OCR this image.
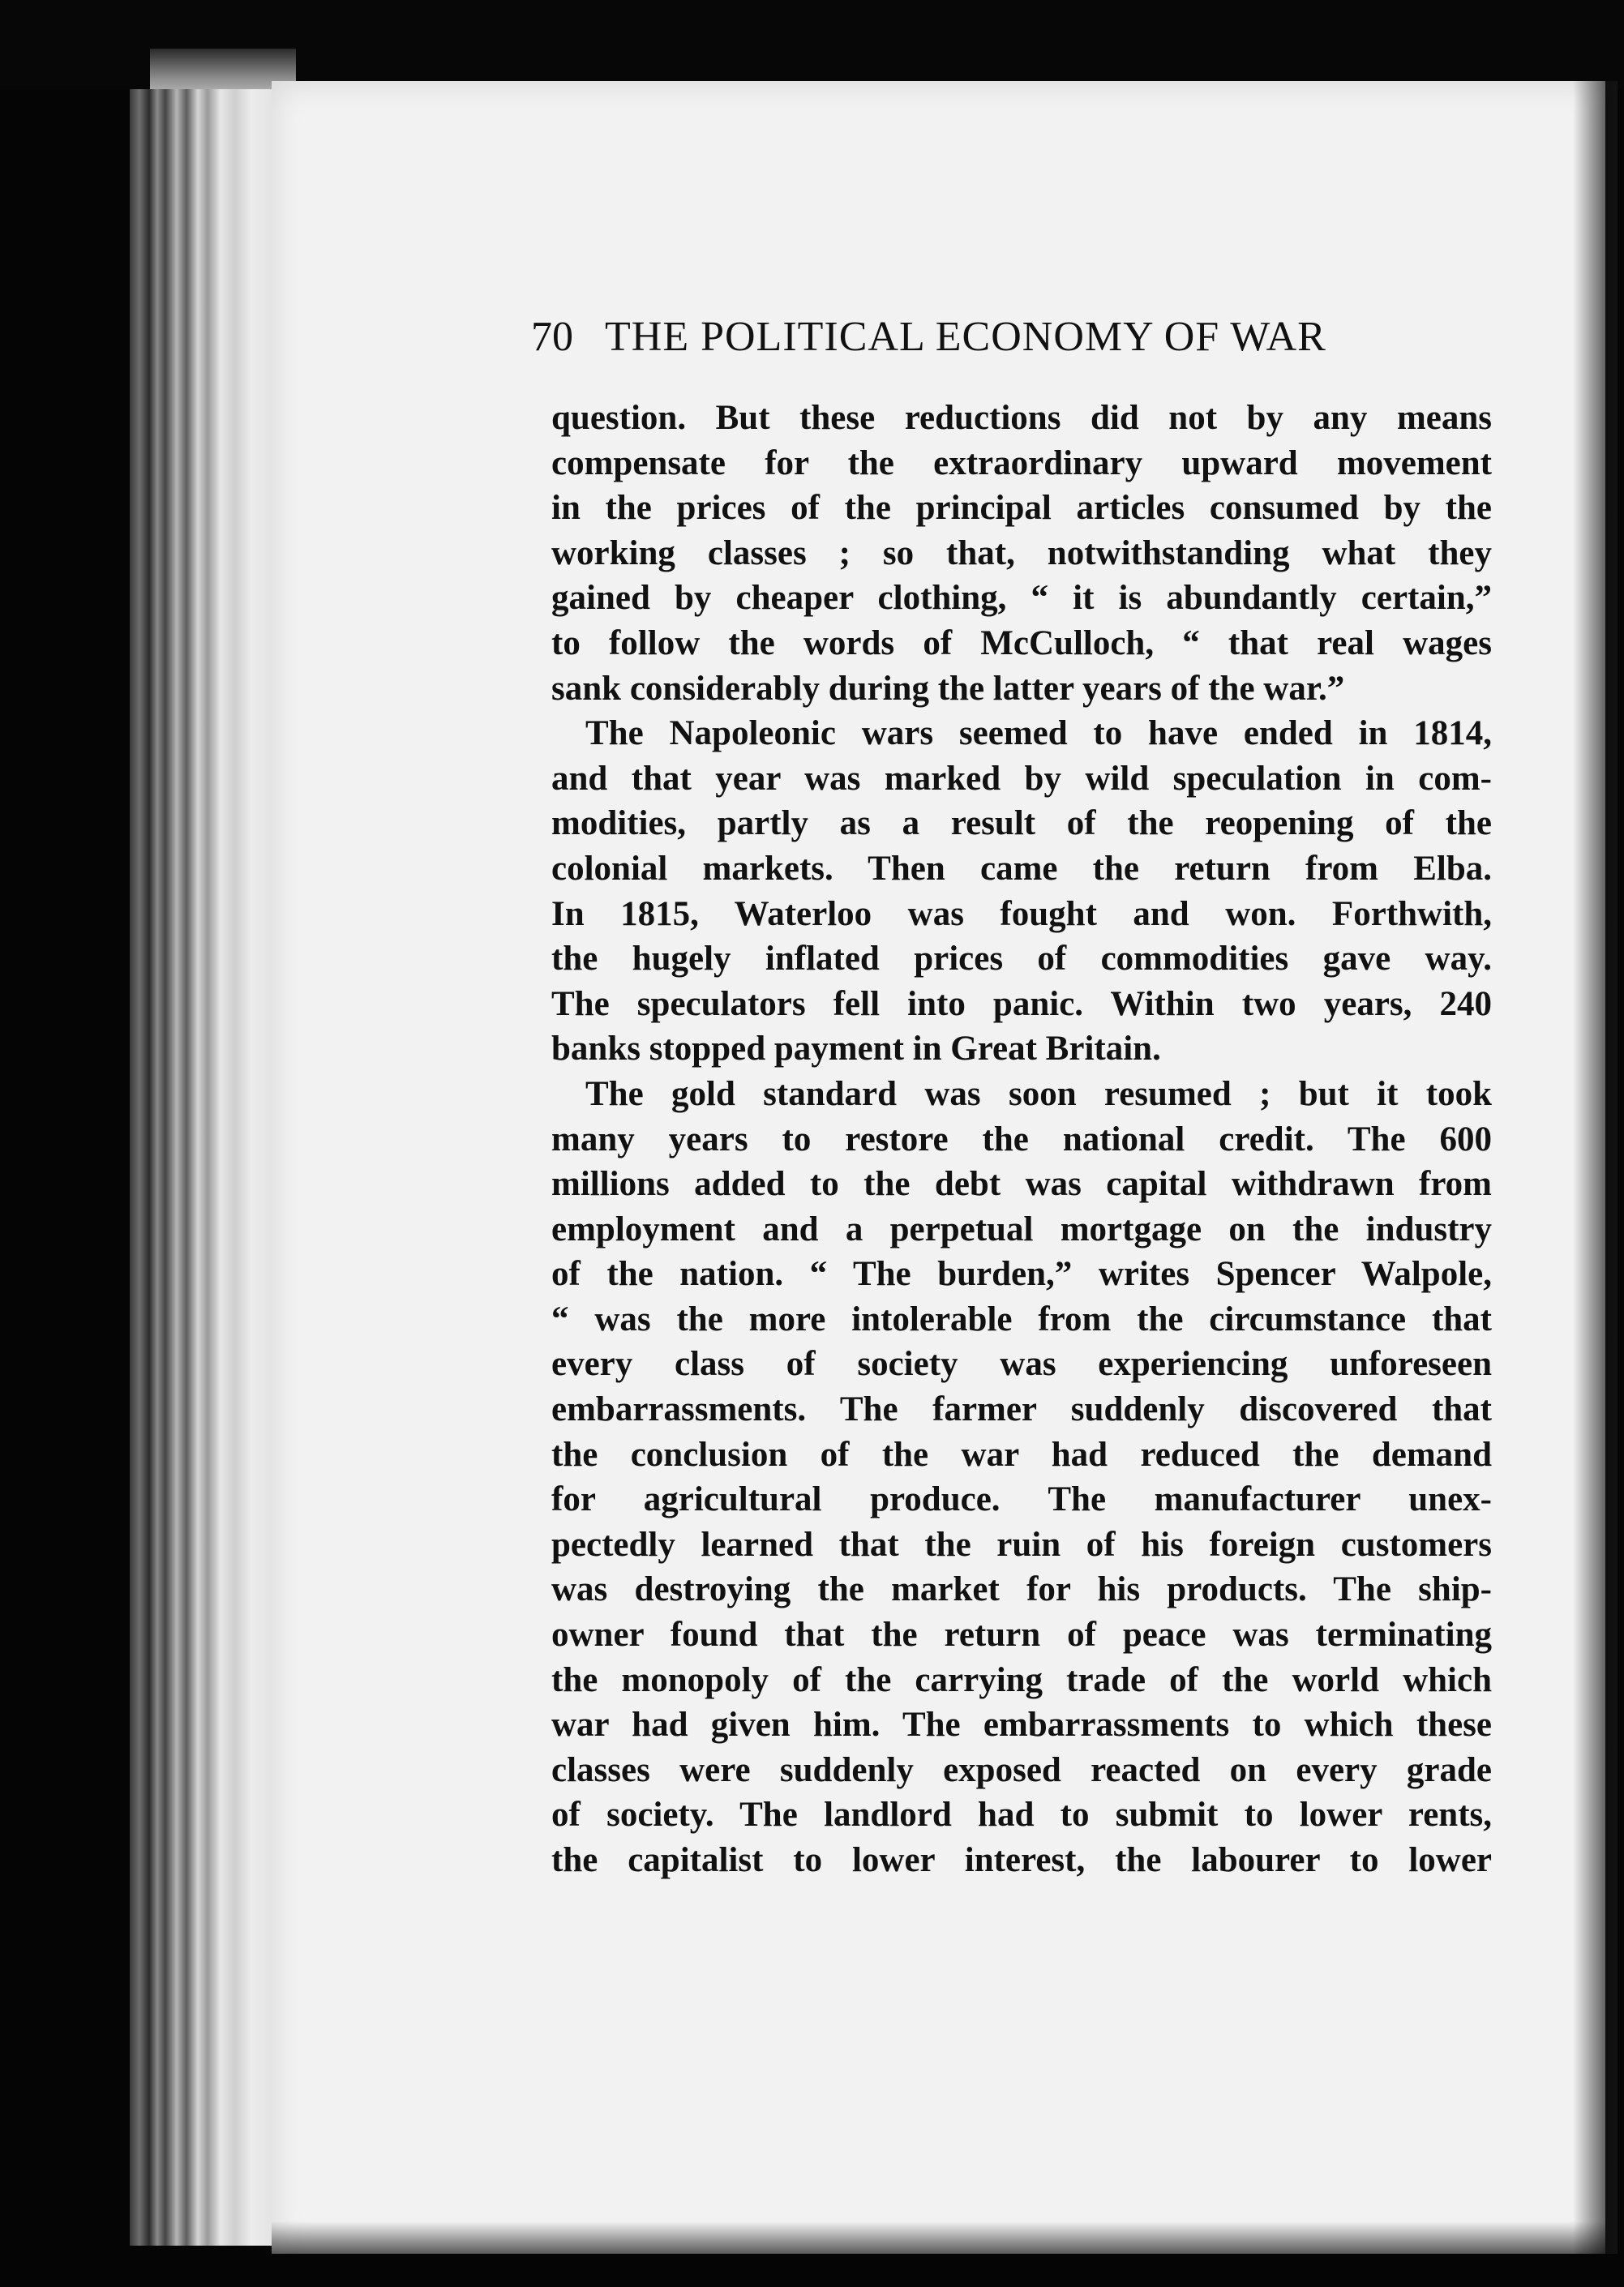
70 THE POLITICAL ECONOMY OF WAR
question. But these reductions did not by any means
compensate for the extraordinary upward movement
in the prices of the principal articles consumed by the
working classes ; so that, notwithstanding what they
gained by cheaper clothing, “ it is abundantly certain,”
to follow the words of McCulloch, “ that real wages
sank considerably during the latter years of the war.”
The Napoleonic wars seemed to have ended in 1814,
and that year was marked by wild speculation in com-
modities, partly as a result of the reopening of the
colonial markets. Then came the return from Elba.
In 1815, Waterloo was fought and won. Forthwith,
the hugely inflated prices of commodities gave way.
The speculators fell into panic. Within two years, 240
banks stopped payment in Great Britain.
The gold standard was soon resumed ; but it took
many years to restore the national credit. The 600
millions added to the debt was capital withdrawn from
employment and a perpetual mortgage on the industry
of the nation. “ The burden,” writes Spencer Walpole,
“ was the more intolerable from the circumstance that
every class of society was experiencing unforeseen
embarrassments. The farmer suddenly discovered that
the conclusion of the war had reduced the demand
for agricultural produce. The manufacturer unex-
pectedly learned that the ruin of his foreign customers
was destroying the market for his products. The ship-
owner found that the return of peace was terminating
the monopoly of the carrying trade of the world which
war had given him. The embarrassments to which these
classes were suddenly exposed reacted on every grade
of society. The landlord had to submit to lower rents,
the capitalist to lower interest, the labourer to lower
